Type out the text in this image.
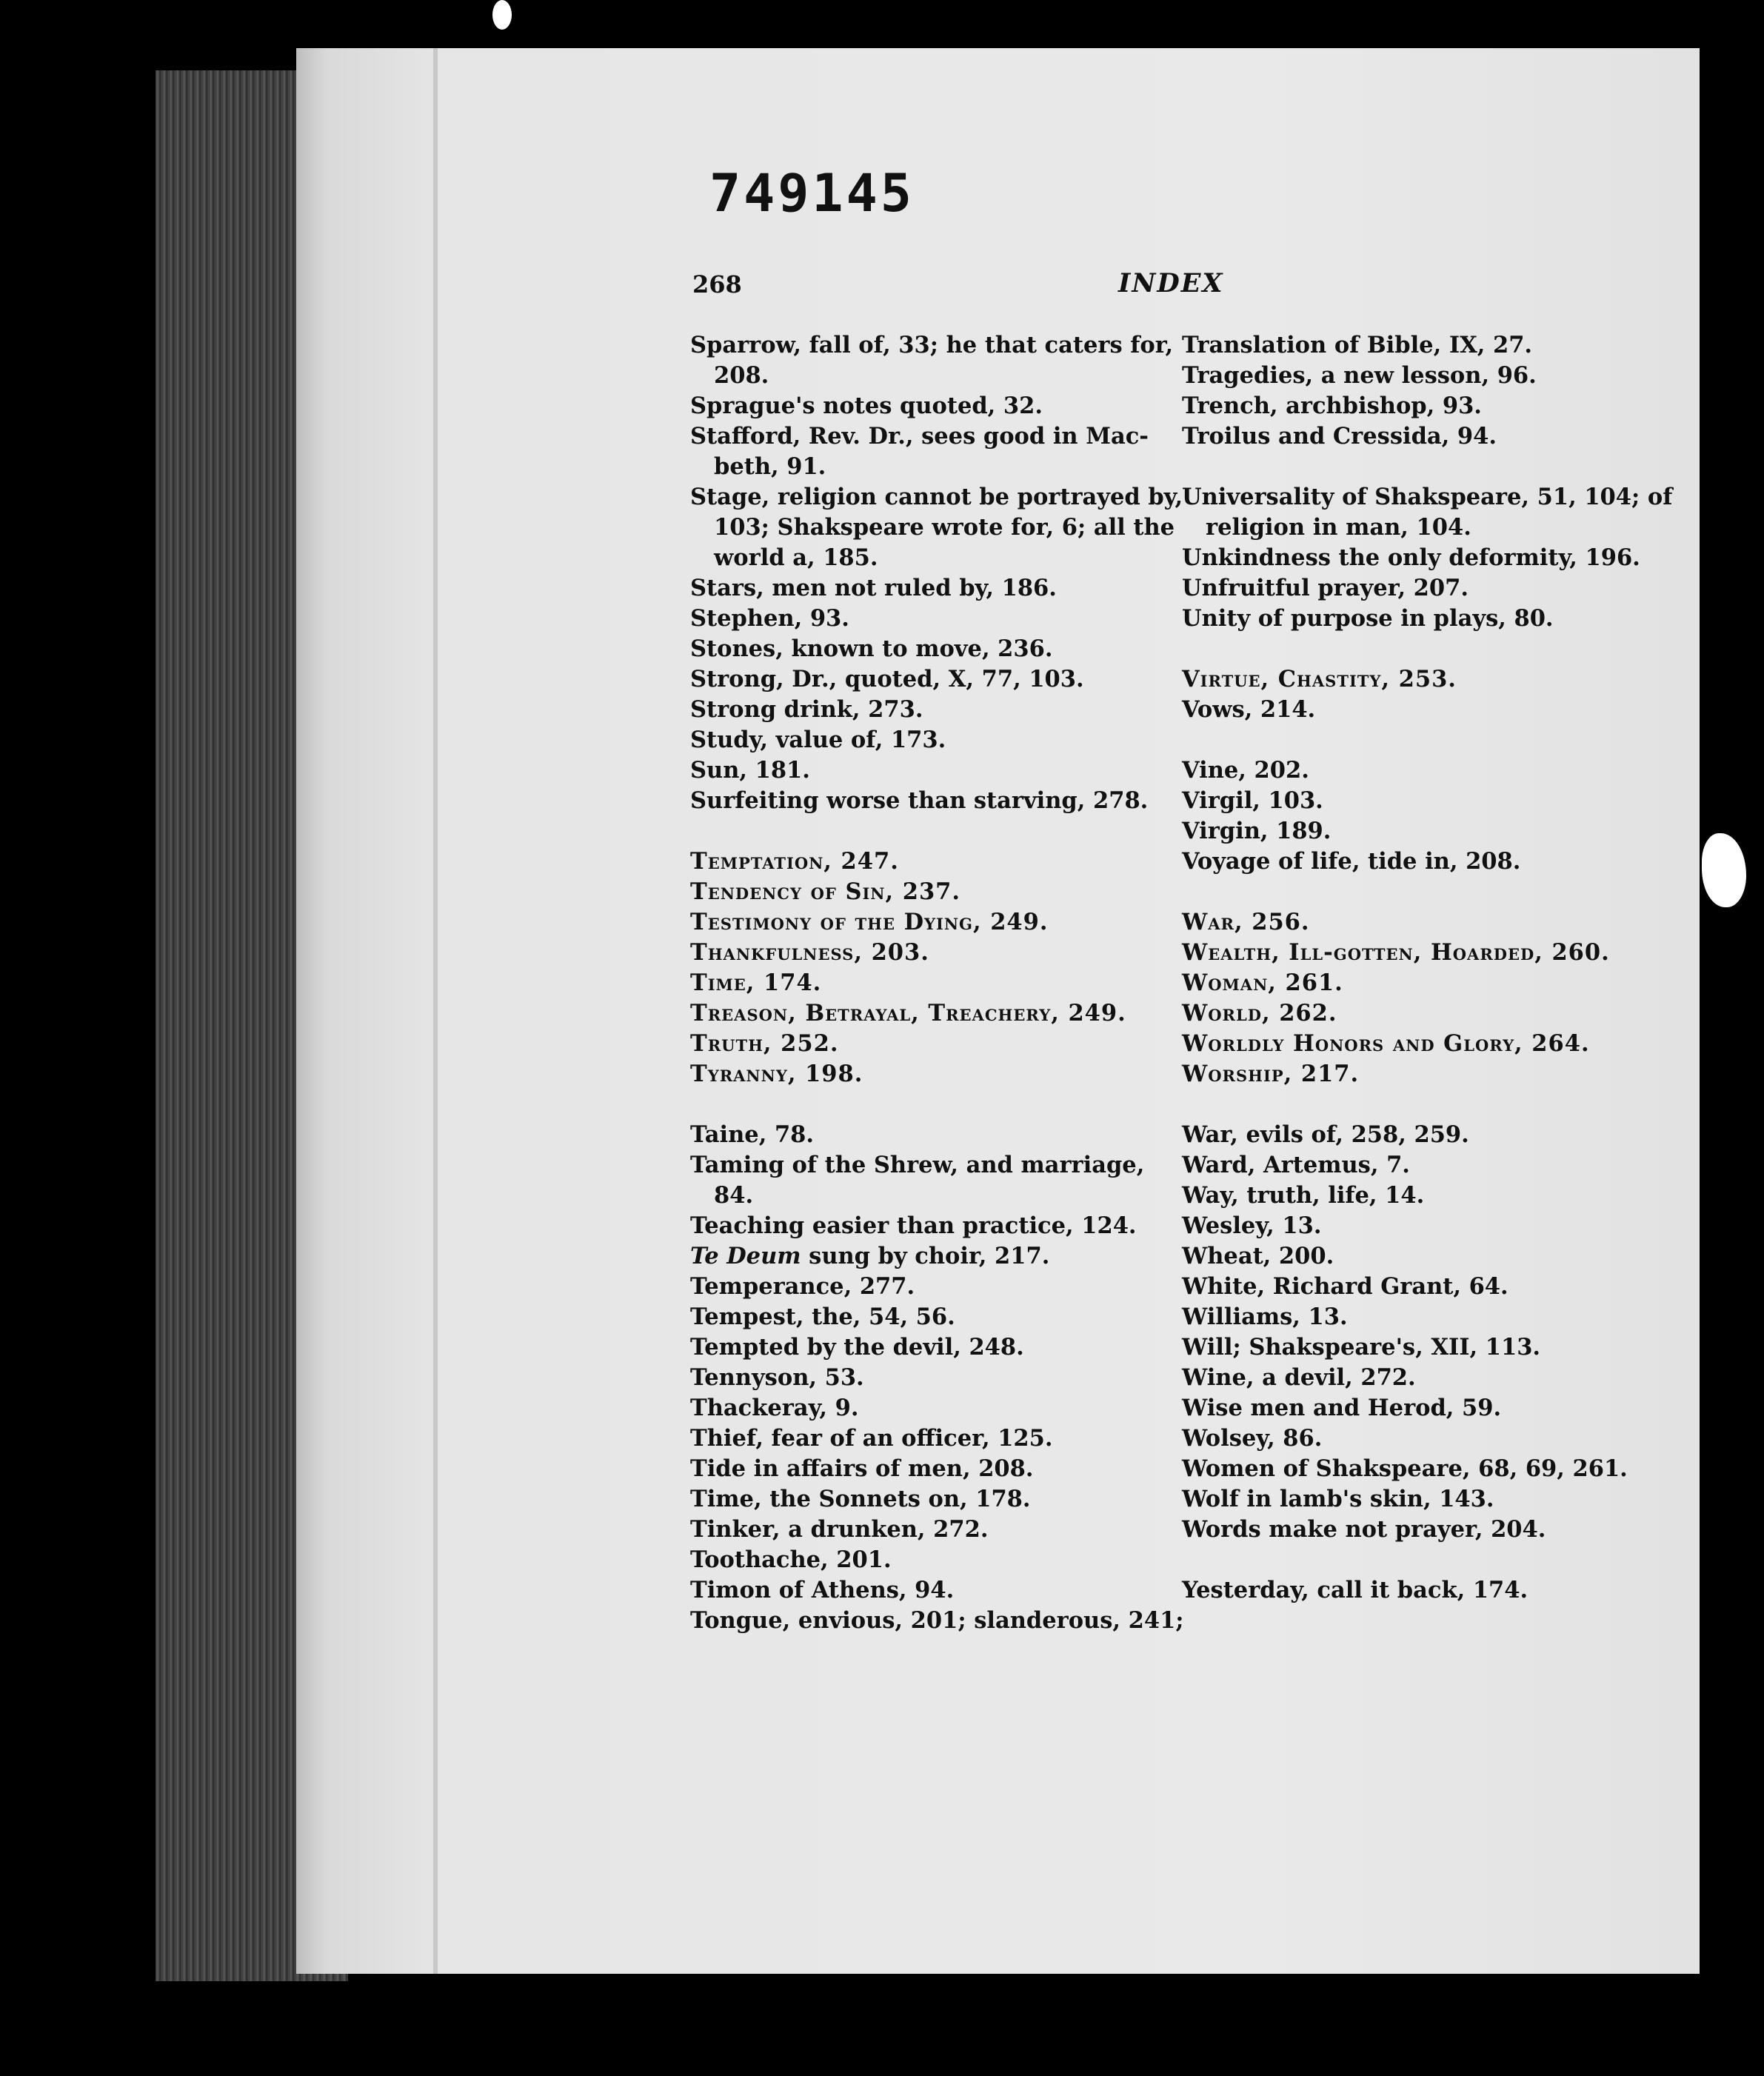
749145
268	INDEX
Sparrow, fall of, 33; he that caters for,
208.
Sprague's notes quoted, 32.
Stafford, Rev. Dr., sees good in Mac-
beth, 91.
Stage, religion cannot be portrayed by,
103; Shakspeare wrote for, 6; all the
world a, 185.
Stars, men not ruled by, 186.
Stephen, 93.
Stones, known to move, 236.
Strong, Dr., quoted, X, 77, 103.
Strong drink, 273.
Study, value of, 173.
Sun, 181.
Surfeiting worse than starving, 278.
Temptation, 247.
Tendency of Sin, 237.
Testimony of the Dying, 249.
Thankfulness, 203.
Time, 174.
Treason, Betrayal, Treachery, 249.
Truth, 252.
Tyranny, 198.
Taine, 78.
Taming of the Shrew, and marriage,
84.
Teaching easier than practice, 124.
Te Deum sung by choir, 217.
Temperance, 277.
Tempest, the, 54, 56.
Tempted by the devil, 248.
Tennyson, 53.
Thackeray, 9.
Thief, fear of an officer, 125.
Tide in affairs of men, 208.
Time, the Sonnets on, 178.
Tinker, a drunken, 272.
Toothache, 201.
Timon of Athens, 94.
Tongue, envious, 201; slanderous, 241;
Translation of Bible, IX, 27.
Tragedies, a new lesson, 96.
Trench, archbishop, 93.
Troilus and Cressida, 94.
Universality of Shakspeare, 51, 104; of
religion in man, 104.
Unkindness the only deformity, 196.
Unfruitful prayer, 207.
Unity of purpose in plays, 80.
Virtue, Chastity, 253.
Vows, 214.
Vine, 202.
Virgil, 103.
Virgin, 189.
Voyage of life, tide in, 208.
War, 256.
Wealth, Ill-gotten, Hoarded, 260.
Woman, 261.
World, 262.
Worldly Honors and Glory, 264.
Worship, 217.
War, evils of, 258, 259.
Ward, Artemus, 7.
Way, truth, life, 14.
Wesley, 13.
Wheat, 200.
White, Richard Grant, 64.
Williams, 13.
Will; Shakspeare's, XII, 113.
Wine, a devil, 272.
Wise men and Herod, 59.
Wolsey, 86.
Women of Shakspeare, 68, 69, 261.
Wolf in lamb's skin, 143.
Words make not prayer, 204.
Yesterday, call it back, 174.
